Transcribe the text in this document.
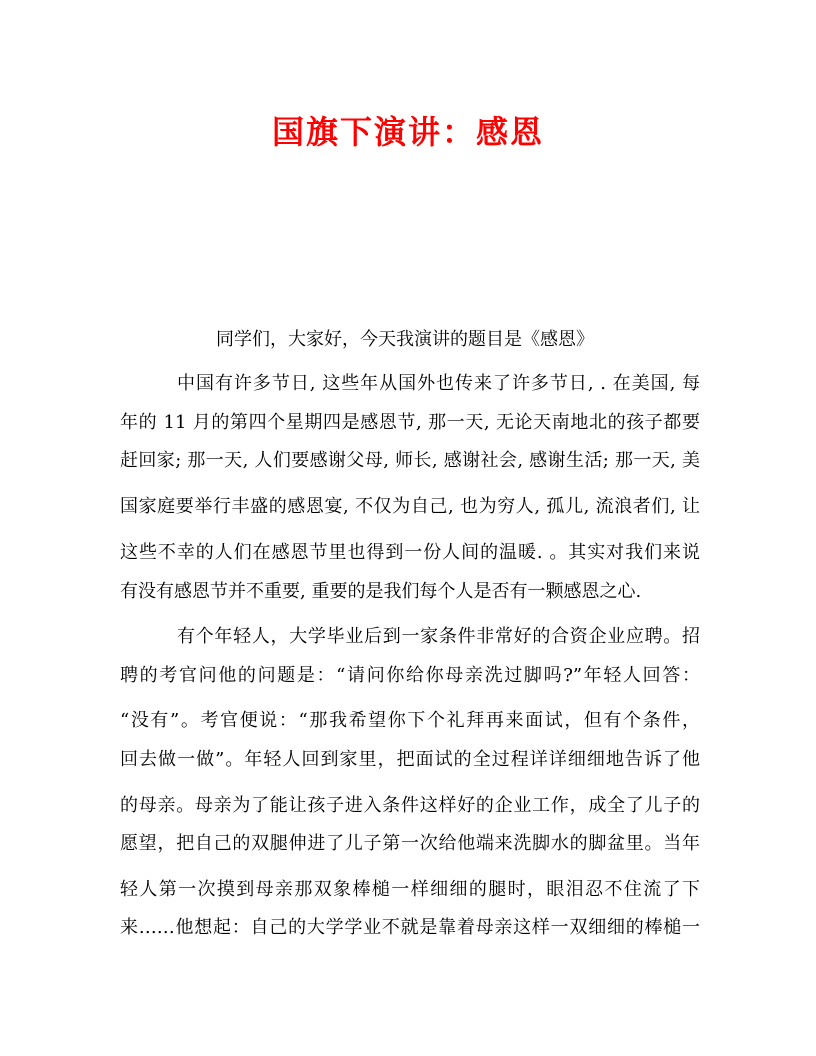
国旗下演讲：感恩
同学们，大家好，今天我演讲的题目是《感恩》
中国有许多节日, 这些年从国外也传来了许多节日, . 在美国, 每
年的 11 月的第四个星期四是感恩节, 那一天, 无论天南地北的孩子都要
赶回家; 那一天, 人们要感谢父母, 师长, 感谢社会, 感谢生活; 那一天, 美
国家庭要举行丰盛的感恩宴, 不仅为自己, 也为穷人, 孤儿, 流浪者们, 让
这些不幸的人们在感恩节里也得到一份人间的温暖. 。其实对我们来说
有没有感恩节并不重要, 重要的是我们每个人是否有一颗感恩之心.
有个年轻人，大学毕业后到一家条件非常好的合资企业应聘。招
聘的考官问他的问题是：“请问你给你母亲洗过脚吗?”年轻人回答：
“没有”。考官便说：“那我希望你下个礼拜再来面试，但有个条件，
回去做一做”。年轻人回到家里，把面试的全过程详详细细地告诉了他
的母亲。母亲为了能让孩子进入条件这样好的企业工作，成全了儿子的
愿望，把自己的双腿伸进了儿子第一次给他端来洗脚水的脚盆里。当年
轻人第一次摸到母亲那双象棒槌一样细细的腿时，眼泪忍不住流了下
来……他想起：自己的大学学业不就是靠着母亲这样一双细细的棒槌一
